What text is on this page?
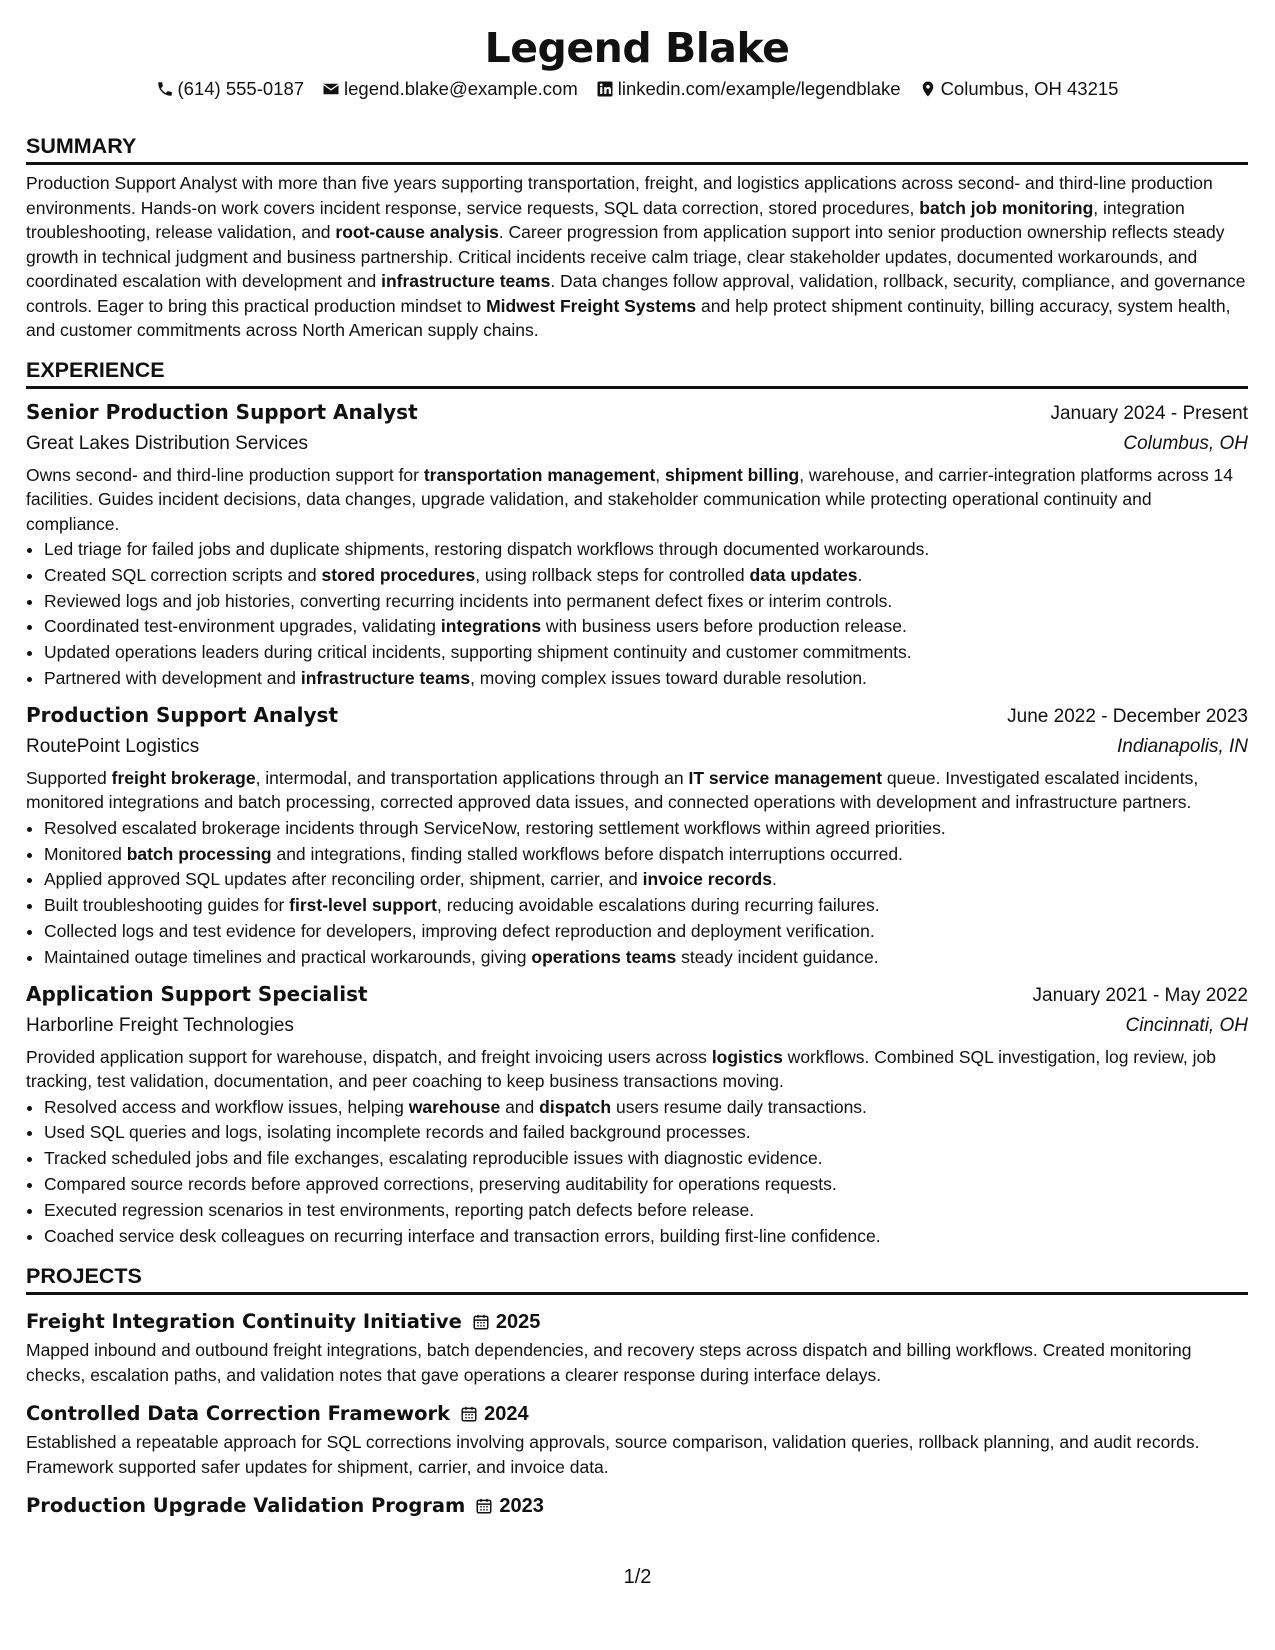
Legend Blake
(614) 555-0187 legend.blake@example.com linkedin.com/example/legendblake Columbus, OH 43215
SUMMARY

Production Support Analyst with more than five years supporting transportation, freight, and logistics applications across second- and third-line production environments. Hands-on work covers incident response, service requests, SQL data correction, stored procedures, batch job monitoring, integration troubleshooting, release validation, and root-cause analysis. Career progression from application support into senior production ownership reflects steady growth in technical judgment and business partnership. Critical incidents receive calm triage, clear stakeholder updates, documented workarounds, and coordinated escalation with development and infrastructure teams. Data changes follow approval, validation, rollback, security, compliance, and governance controls. Eager to bring this practical production mindset to Midwest Freight Systems and help protect shipment continuity, billing accuracy, system health, and customer commitments across North American supply chains.

EXPERIENCE
Senior Production Support Analyst	January 2024 - Present
Great Lakes Distribution Services	Columbus, OH

Owns second- and third-line production support for transportation management, shipment billing, warehouse, and carrier-integration platforms across 14 facilities. Guides incident decisions, data changes, upgrade validation, and stakeholder communication while protecting operational continuity and compliance.

• Led triage for failed jobs and duplicate shipments, restoring dispatch workflows through documented workarounds.
• Created SQL correction scripts and stored procedures, using rollback steps for controlled data updates.
• Reviewed logs and job histories, converting recurring incidents into permanent defect fixes or interim controls.
• Coordinated test-environment upgrades, validating integrations with business users before production release.
• Updated operations leaders during critical incidents, supporting shipment continuity and customer commitments.
• Partnered with development and infrastructure teams, moving complex issues toward durable resolution.
Production Support Analyst	June 2022 - December 2023
RoutePoint Logistics	Indianapolis, IN

Supported freight brokerage, intermodal, and transportation applications through an IT service management queue. Investigated escalated incidents, monitored integrations and batch processing, corrected approved data issues, and connected operations with development and infrastructure partners.

• Resolved escalated brokerage incidents through ServiceNow, restoring settlement workflows within agreed priorities.
• Monitored batch processing and integrations, finding stalled workflows before dispatch interruptions occurred.
• Applied approved SQL updates after reconciling order, shipment, carrier, and invoice records.
• Built troubleshooting guides for first-level support, reducing avoidable escalations during recurring failures.
• Collected logs and test evidence for developers, improving defect reproduction and deployment verification.
• Maintained outage timelines and practical workarounds, giving operations teams steady incident guidance.
Application Support Specialist	January 2021 - May 2022
Harborline Freight Technologies	Cincinnati, OH

Provided application support for warehouse, dispatch, and freight invoicing users across logistics workflows. Combined SQL investigation, log review, job tracking, test validation, documentation, and peer coaching to keep business transactions moving.

• Resolved access and workflow issues, helping warehouse and dispatch users resume daily transactions.
• Used SQL queries and logs, isolating incomplete records and failed background processes.
• Tracked scheduled jobs and file exchanges, escalating reproducible issues with diagnostic evidence.
• Compared source records before approved corrections, preserving auditability for operations requests.
• Executed regression scenarios in test environments, reporting patch defects before release.
• Coached service desk colleagues on recurring interface and transaction errors, building first-line confidence.
PROJECTS
Freight Integration Continuity Initiative 2025

Mapped inbound and outbound freight integrations, batch dependencies, and recovery steps across dispatch and billing workflows. Created monitoring checks, escalation paths, and validation notes that gave operations a clearer response during interface delays.

Controlled Data Correction Framework 2024

Established a repeatable approach for SQL corrections involving approvals, source comparison, validation queries, rollback planning, and audit records. Framework supported safer updates for shipment, carrier, and invoice data.

Production Upgrade Validation Program 2023
1/2
